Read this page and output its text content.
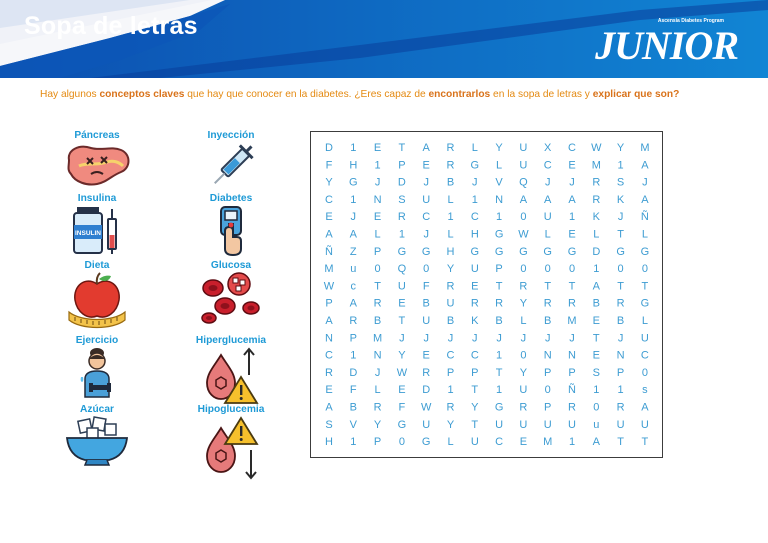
Sopa de letras	Ascensia Diabetes Program
JUNIOR
Hay algunos conceptos claves que hay que conocer en la diabetes. ¿Eres capaz de encontrarlos en la sopa de letras y explicar que son?
Páncreas	Inyección
Insulina
INSULIN
Diabetes
Dieta	Glucosa
Ejercicio	Hiperglucemia
Azúcar	Hipoglucemia
D 1 E T A R L Y U X C W Y M
F H 1 P E R G L U C E M 1 A
Y G J D J B J V Q J J R S J
C 1 N S U L 1 N A A A R K A
E J E R C 1 C 1 0 U 1 K J Ñ
A A L 1 J L H G W L E L T L
Ñ Z P G G H G G G G G D G G
M u 0 Q 0 Y U P 0 0 0 1 0 0
W c T U F R E T R T T A T T
P A R E B U R R Y R R B R G
A R B T U B K B L B M E B L
N P M J J J J J J J J T J U
C 1 N Y E C C 1 0 N N E N C
R D J W R P P T Y P P S P 0
E F L E D 1 T 1 U 0 Ñ 1 1 s
A B R F W R Y G R P R 0 R A
S V Y G U Y T U U U U u U U
H 1 P 0 G L U C E M 1 A T T
